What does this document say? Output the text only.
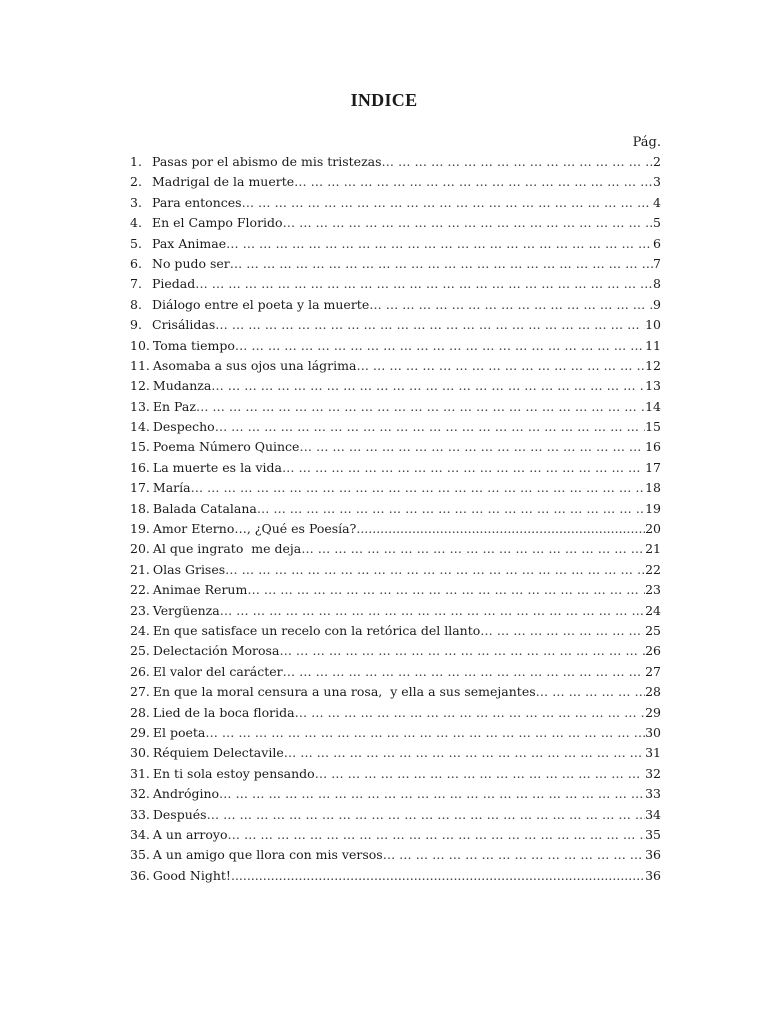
INDICE
Pág.
1. Pasas por el abismo de mis tristezas … … … … … … … … … … … … … … … … … … … … … … … … … … … … … … … … … … … … … … … … … … … … … … … … … … … … … … … … … … … … … … … …	2
2. Madrigal de la muerte … … … … … … … … … … … … … … … … … … … … … … … … … … … … … … … … … … … … … … … … … … … … … … … … … … … … … … … … … … … … … … … …	3
3. Para entonces … … … … … … … … … … … … … … … … … … … … … … … … … … … … … … … … … … … … … … … … … … … … … … … … … … … … … … … … … … … … … … … …	4
4. En el Campo Florido … … … … … … … … … … … … … … … … … … … … … … … … … … … … … … … … … … … … … … … … … … … … … … … … … … … … … … … … … … … … … … … …	5
5. Pax Animae … … … … … … … … … … … … … … … … … … … … … … … … … … … … … … … … … … … … … … … … … … … … … … … … … … … … … … … … … … … … … … … …	6
6. No pudo ser … … … … … … … … … … … … … … … … … … … … … … … … … … … … … … … … … … … … … … … … … … … … … … … … … … … … … … … … … … … … … … … …	7
7. Piedad … … … … … … … … … … … … … … … … … … … … … … … … … … … … … … … … … … … … … … … … … … … … … … … … … … … … … … … … … … … … … … … …	8
8. Diálogo entre el poeta y la muerte … … … … … … … … … … … … … … … … … … … … … … … … … … … … … … … … … … … … … … … … … … … … … … … … … … … … … … … … … … … … … … … …	9
9. Crisálidas … … … … … … … … … … … … … … … … … … … … … … … … … … … … … … … … … … … … … … … … … … … … … … … … … … … … … … … … … … … … … … … …	10
10. Toma tiempo … … … … … … … … … … … … … … … … … … … … … … … … … … … … … … … … … … … … … … … … … … … … … … … … … … … … … … … … … … … … … … … …	11
11. Asomaba a sus ojos una lágrima … … … … … … … … … … … … … … … … … … … … … … … … … … … … … … … … … … … … … … … … … … … … … … … … … … … … … … … … … … … … … … … …	12
12. Mudanza … … … … … … … … … … … … … … … … … … … … … … … … … … … … … … … … … … … … … … … … … … … … … … … … … … … … … … … … … … … … … … … …	13
13. En Paz … … … … … … … … … … … … … … … … … … … … … … … … … … … … … … … … … … … … … … … … … … … … … … … … … … … … … … … … … … … … … … … …	14
14. Despecho … … … … … … … … … … … … … … … … … … … … … … … … … … … … … … … … … … … … … … … … … … … … … … … … … … … … … … … … … … … … … … … …	15
15. Poema Número Quince … … … … … … … … … … … … … … … … … … … … … … … … … … … … … … … … … … … … … … … … … … … … … … … … … … … … … … … … … … … … … … … …	16
16. La muerte es la vida … … … … … … … … … … … … … … … … … … … … … … … … … … … … … … … … … … … … … … … … … … … … … … … … … … … … … … … … … … … … … … … …	17
17. María … … … … … … … … … … … … … … … … … … … … … … … … … … … … … … … … … … … … … … … … … … … … … … … … … … … … … … … … … … … … … … … …	18
18. Balada Catalana … … … … … … … … … … … … … … … … … … … … … … … … … … … … … … … … … … … … … … … … … … … … … … … … … … … … … … … … … … … … … … … …	19
19. Amor Eterno…, ¿Qué es Poesía? .....	20
20. Al que ingrato  me deja … … … … … … … … … … … … … … … … … … … … … … … … … … … … … … … … … … … … … … … … … … … … … … … … … … … … … … … … … … … … … … … …	21
21. Olas Grises … … … … … … … … … … … … … … … … … … … … … … … … … … … … … … … … … … … … … … … … … … … … … … … … … … … … … … … … … … … … … … … …	22
22. Animae Rerum … … … … … … … … … … … … … … … … … … … … … … … … … … … … … … … … … … … … … … … … … … … … … … … … … … … … … … … … … … … … … … … …	23
23. Vergüenza … … … … … … … … … … … … … … … … … … … … … … … … … … … … … … … … … … … … … … … … … … … … … … … … … … … … … … … … … … … … … … … …	24
24. En que satisface un recelo con la retórica del llanto … … … … … … … … … … … … … … … … … … … … … … … … … … … … … … … … … … … … … … … … … … … … … … … … … … … … … … … … … … … … … … … …	25
25. Delectación Morosa … … … … … … … … … … … … … … … … … … … … … … … … … … … … … … … … … … … … … … … … … … … … … … … … … … … … … … … … … … … … … … … …	26
26. El valor del carácter … … … … … … … … … … … … … … … … … … … … … … … … … … … … … … … … … … … … … … … … … … … … … … … … … … … … … … … … … … … … … … … …	27
27. En que la moral censura a una rosa,  y ella a sus semejantes … … … … … … … … … … … … … … … … … … … … … … … … … … … … … … … … … … … … … … … … … … … … … … … … … … … … … … … … … … … … … … … …	28
28. Lied de la boca florida … … … … … … … … … … … … … … … … … … … … … … … … … … … … … … … … … … … … … … … … … … … … … … … … … … … … … … … … … … … … … … … …	29
29. El poeta … … … … … … … … … … … … … … … … … … … … … … … … … … … … … … … … … … … … … … … … … … … … … … … … … … … … … … … … … … … … … … … …	30
30. Réquiem Delectavile … … … … … … … … … … … … … … … … … … … … … … … … … … … … … … … … … … … … … … … … … … … … … … … … … … … … … … … … … … … … … … … …	31
31. En ti sola estoy pensando … … … … … … … … … … … … … … … … … … … … … … … … … … … … … … … … … … … … … … … … … … … … … … … … … … … … … … … … … … … … … … … …	32
32. Andrógino … … … … … … … … … … … … … … … … … … … … … … … … … … … … … … … … … … … … … … … … … … … … … … … … … … … … … … … … … … … … … … … …	33
33. Después … … … … … … … … … … … … … … … … … … … … … … … … … … … … … … … … … … … … … … … … … … … … … … … … … … … … … … … … … … … … … … … …	34
34. A un arroyo … … … … … … … … … … … … … … … … … … … … … … … … … … … … … … … … … … … … … … … … … … … … … … … … … … … … … … … … … … … … … … … …	35
35. A un amigo que llora con mis versos … … … … … … … … … … … … … … … … … … … … … … … … … … … … … … … … … … … … … … … … … … … … … … … … … … … … … … … … … … … … … … … …	36
36. Good Night! .....	36
